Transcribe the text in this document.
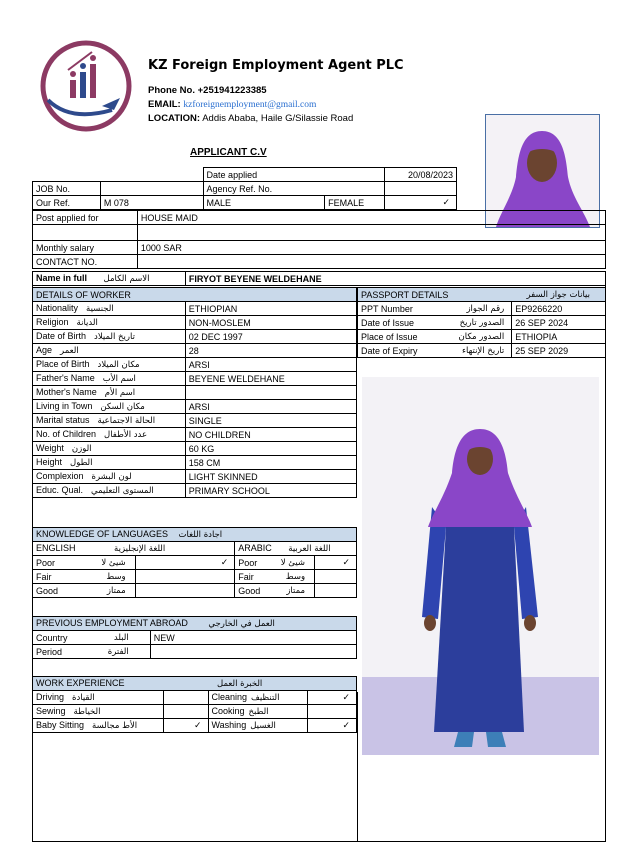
KZ Foreign Employment Agent PLC
Phone No. +251941223385
EMAIL: kzforeignemployment@gmail.com
LOCATION: Addis Ababa, Haile G/Silassie Road
APPLICANT C.V
			Date applied		20/08/2023
JOB No.			Agency Ref. No.		
Our Ref.	M 078		MALE	FEMALE	✓
Post applied for	HOUSE MAID

Monthly salary	1000 SAR
CONTACT NO.	
Name in full الاسم الكامل	FIRYOT BEYENE WELDEHANE
DETAILS OF WORKER	
Nationality الجنسية	ETHIOPIAN
Religion الديانة	NON-MOSLEM
Date of Birth تاريخ الميلاد	02 DEC 1997
Age العمر	28
Place of Birth مكان الميلاد	ARSI
Father's Name اسم الأب	BEYENE WELDEHANE
Mother's Name اسم الأم	
Living in Town مكان السكن	ARSI
Marital status الحالة الاجتماعية	SINGLE
No. of Children عدد الأطفال	NO CHILDREN
Weight الوزن	60 KG
Height الطول	158 CM
Complexion لون البشرة	LIGHT SKINNED
Educ. Qual. المستوى التعليمي	PRIMARY SCHOOL
PASSPORT DETAILS بيانات جواز السفر	

PPT Number رقم الجواز	EP9266220
Date of Issue الصدور تاريخ	26 SEP 2024
Place of Issue الصدور مكان	ETHIOPIA
Date of Expiry تاريخ الإنتهاء	25 SEP 2029
KNOWLEDGE OF LANGUAGES اجادة اللغات			
ENGLISH اللغة الإنجليزية		ARABIC اللغة العربية	
Poor شيئ لا	✓	Poor شيئ لا	✓
Fair وسط		Fair وسط	

Good ممتاز		Good ممتاز	

PREVIOUS EMPLOYMENT ABROAD العمل في الخارجي	
Country البلد	NEW
Period الفترة	

WORK EXPERIENCE الخبرة العمل			
Driving القيادة		Cleaning التنظيف	✓
Sewing الخياطة		Cooking الطبخ	
Baby Sitting الأط مجالسة	✓	Washing الغسيل	✓
